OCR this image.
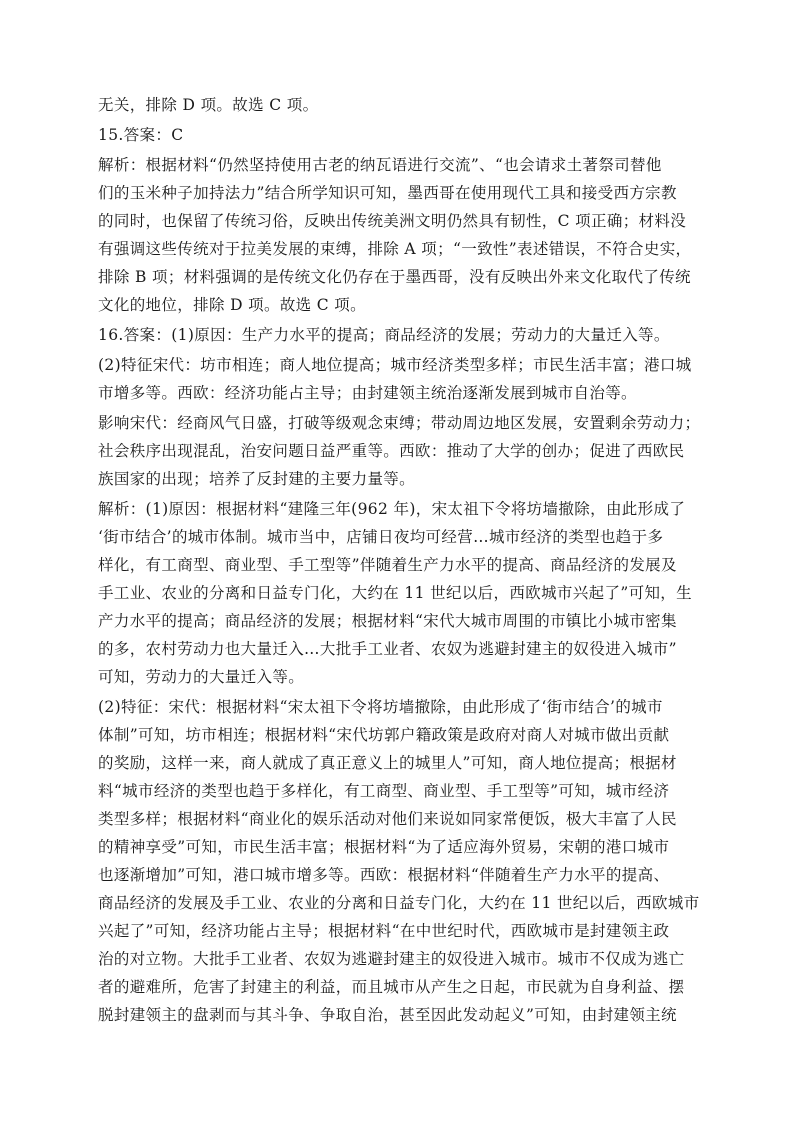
无关，排除 D 项。故选 C 项。
15.答案：C
解析：根据材料“仍然坚持使用古老的纳瓦语进行交流”、“也会请求土著祭司替他
们的玉米种子加持法力”结合所学知识可知，墨西哥在使用现代工具和接受西方宗教
的同时，也保留了传统习俗，反映出传统美洲文明仍然具有韧性，C 项正确；材料没
有强调这些传统对于拉美发展的束缚，排除 A 项；“一致性”表述错误，不符合史实，
排除 B 项；材料强调的是传统文化仍存在于墨西哥，没有反映出外来文化取代了传统
文化的地位，排除 D 项。故选 C 项。
16.答案：(1)原因：生产力水平的提高；商品经济的发展；劳动力的大量迁入等。
(2)特征宋代：坊市相连；商人地位提高；城市经济类型多样；市民生活丰富；港口城
市增多等。西欧：经济功能占主导；由封建领主统治逐渐发展到城市自治等。
影响宋代：经商风气日盛，打破等级观念束缚；带动周边地区发展，安置剩余劳动力；
社会秩序出现混乱，治安问题日益严重等。西欧：推动了大学的创办；促进了西欧民
族国家的出现；培养了反封建的主要力量等。
解析：(1)原因：根据材料“建隆三年(962 年)，宋太祖下令将坊墙撤除，由此形成了
‘街市结合’的城市体制。城市当中，店铺日夜均可经营…城市经济的类型也趋于多
样化，有工商型、商业型、手工型等”伴随着生产力水平的提高、商品经济的发展及
手工业、农业的分离和日益专门化，大约在 11 世纪以后，西欧城市兴起了”可知，生
产力水平的提高；商品经济的发展；根据材料“宋代大城市周围的市镇比小城市密集
的多，农村劳动力也大量迁入…大批手工业者、农奴为逃避封建主的奴役进入城市”
可知，劳动力的大量迁入等。
(2)特征：宋代：根据材料“宋太祖下令将坊墙撤除，由此形成了‘街市结合’的城市
体制”可知，坊市相连；根据材料“宋代坊郭户籍政策是政府对商人对城市做出贡献
的奖励，这样一来，商人就成了真正意义上的城里人”可知，商人地位提高；根据材
料“城市经济的类型也趋于多样化，有工商型、商业型、手工型等”可知，城市经济
类型多样；根据材料“商业化的娱乐活动对他们来说如同家常便饭，极大丰富了人民
的精神享受”可知，市民生活丰富；根据材料“为了适应海外贸易，宋朝的港口城市
也逐渐增加”可知，港口城市增多等。西欧：根据材料“伴随着生产力水平的提高、
商品经济的发展及手工业、农业的分离和日益专门化，大约在 11 世纪以后，西欧城市
兴起了”可知，经济功能占主导；根据材料“在中世纪时代，西欧城市是封建领主政
治的对立物。大批手工业者、农奴为逃避封建主的奴役进入城市。城市不仅成为逃亡
者的避难所，危害了封建主的利益，而且城市从产生之日起，市民就为自身利益、摆
脱封建领主的盘剥而与其斗争、争取自治，甚至因此发动起义”可知，由封建领主统
